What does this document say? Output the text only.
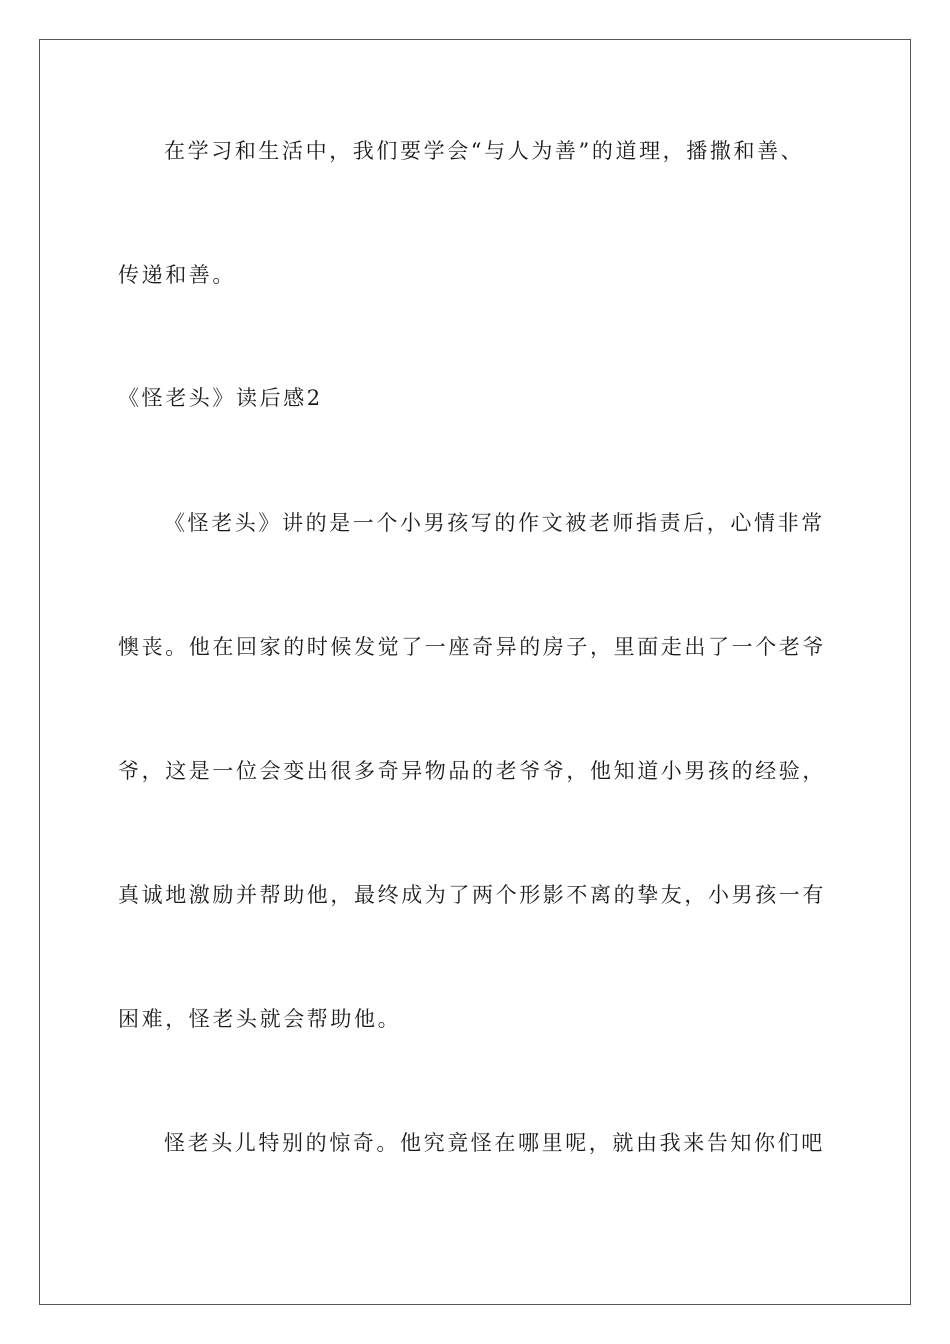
在学习和生活中，我们要学会“与人为善”的道理，播撒和善、
传递和善。
《怪老头》读后感2
《怪老头》讲的是一个小男孩写的作文被老师指责后，心情非常
懊丧。他在回家的时候发觉了一座奇异的房子，里面走出了一个老爷
爷，这是一位会变出很多奇异物品的老爷爷，他知道小男孩的经验，
真诚地激励并帮助他，最终成为了两个形影不离的挚友，小男孩一有
困难，怪老头就会帮助他。
怪老头儿特别的惊奇。他究竟怪在哪里呢，就由我来告知你们吧
